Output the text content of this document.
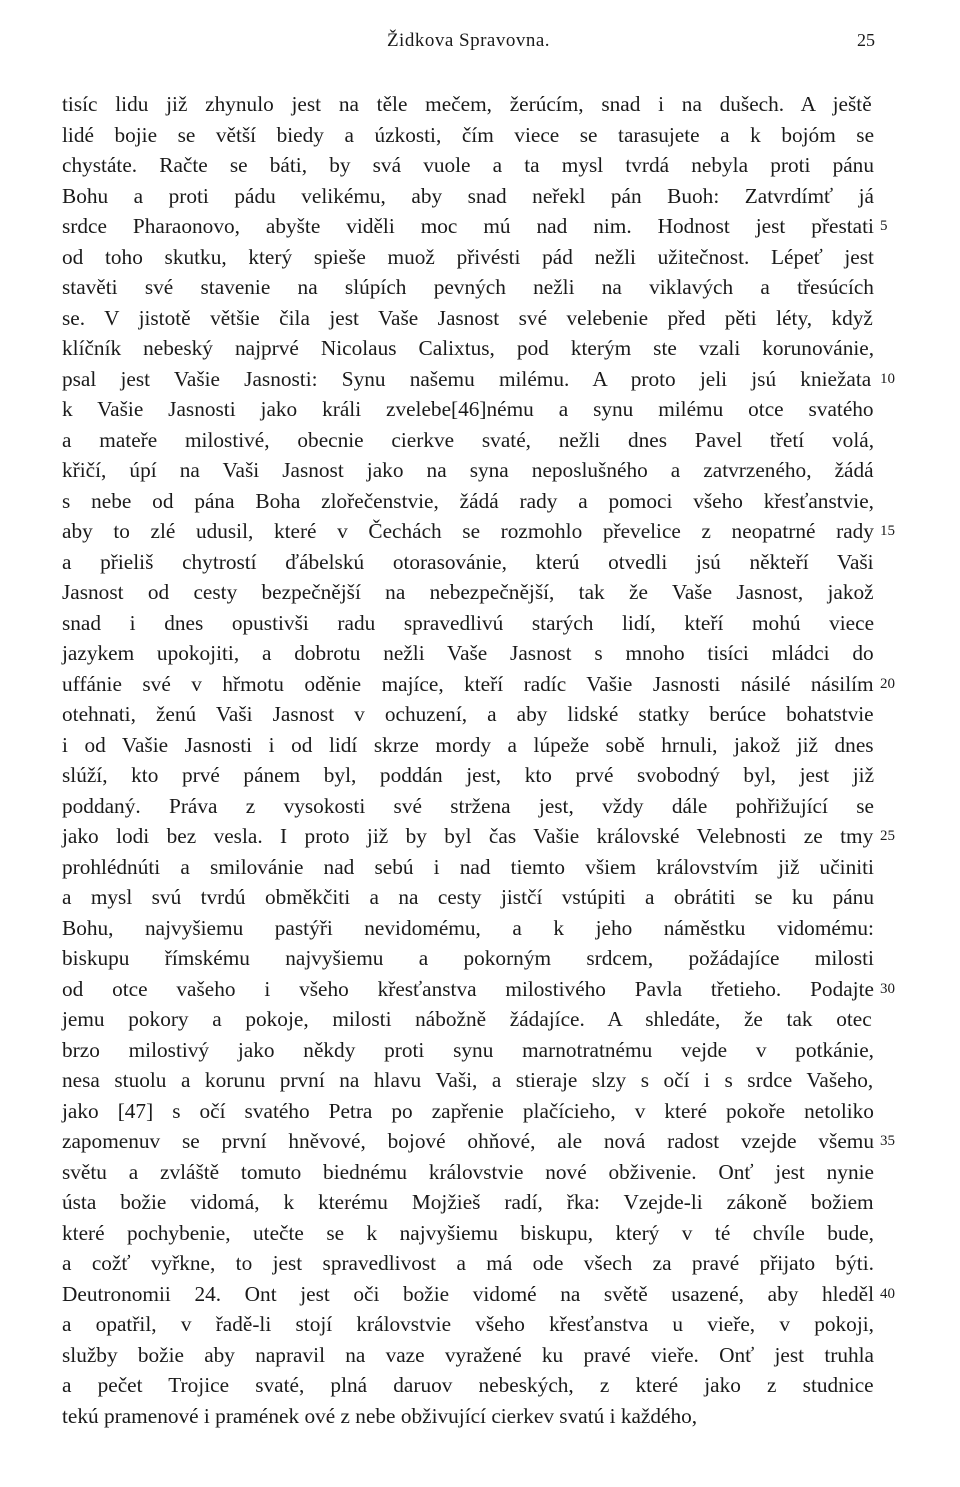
Židkova Spravovna.	25
tisíc lidu již zhynulo jest na těle mečem, žerúcím, snad i na dušech. A ještě
lidé bojie se větší biedy a úzkosti, čím viece se tarasujete a k bojóm se
chystáte. Račte se báti, by svá vuole a ta mysl tvrdá nebyla proti pánu
Bohu a proti pádu velikému, aby snad neřekl pán Buoh: Zatvrdímť já
srdce Pharaonovo, abyšte viděli moc mú nad nim. Hodnost jest přestati
od toho skutku, který spieše muož přivésti pád nežli užitečnost. Lépeť jest
stavěti své stavenie na slúpích pevných nežli na viklavých a třesúcích
se. V jistotě většie čila jest Vaše Jasnost své velebenie před pěti léty, když
klíčník nebeský najprvé Nicolaus Calixtus, pod kterým ste vzali korunovánie,
psal jest Vašie Jasnosti: Synu našemu milému. A proto jeli jsú kniežata
k Vašie Jasnosti jako králi zvelebe[46]nému a synu milému otce svatého
a mateře milostivé, obecnie cierkve svaté, nežli dnes Pavel třetí volá,
křičí, úpí na Vaši Jasnost jako na syna neposlušného a zatvrzeného, žádá
s nebe od pána Boha zlořečenstvie, žádá rady a pomoci všeho křesťanstvie,
aby to zlé udusil, které v Čechách se rozmohlo převelice z neopatrné rady
a přieliš chytrostí ďábelskú otorasovánie, kterú otvedli jsú někteří Vaši
Jasnost od cesty bezpečnější na nebezpečnější, tak že Vaše Jasnost, jakož
snad i dnes opustivši radu spravedlivú starých lidí, kteří mohú viece
jazykem upokojiti, a dobrotu nežli Vaše Jasnost s mnoho tisíci mládci do
uffánie své v hřmotu oděnie majíce, kteří radíc Vašie Jasnosti násilé násilím
otehnati, ženú Vaši Jasnost v ochuzení, a aby lidské statky berúce bohatstvie
i od Vašie Jasnosti i od lidí skrze mordy a lúpeže sobě hrnuli, jakož již dnes
slúží, kto prvé pánem byl, poddán jest, kto prvé svobodný byl, jest již
poddaný. Práva z vysokosti své stržena jest, vždy dále pohřižující se
jako lodi bez vesla. I proto již by byl čas Vašie královské Velebnosti ze tmy
prohlédnúti a smilovánie nad sebú i nad tiemto všiem královstvím již učiniti
a mysl svú tvrdú obměkčiti a na cesty jistčí vstúpiti a obrátiti se ku pánu
Bohu, najvyšiemu pastýři nevidomému, a k jeho náměstku vidomému:
biskupu římskému najvyšiemu a pokorným srdcem, požádajíce milosti
od otce vašeho i všeho křesťanstva milostivého Pavla třetieho. Podajte
jemu pokory a pokoje, milosti nábožně žádajíce. A shledáte, že tak otec
brzo milostivý jako někdy proti synu marnotratnému vejde v potkánie,
nesa stuolu a korunu první na hlavu Vaši, a stieraje slzy s očí i s srdce Vašeho,
jako [47] s očí svatého Petra po zapřenie plačícieho, v které pokoře netoliko
zapomenuv se první hněvové, bojové ohňové, ale nová radost vzejde všemu
světu a zvláště tomuto biednému královstvie nové obživenie. Onť jest nynie
ústa božie vidomá, k kterému Mojžieš radí, řka: Vzejde-li zákoně božiem
které pochybenie, utečte se k najvyšiemu biskupu, který v té chvíle bude,
a cožť vyřkne, to jest spravedlivost a má ode všech za pravé přijato býti.
Deutronomii 24. Ont jest oči božie vidomé na světě usazené, aby hleděl
a opatřil, v řadě-li stojí královstvie všeho křesťanstva u vieře, v pokoji,
služby božie aby napravil na vaze vyražené ku pravé vieře. Onť jest truhla
a pečet Trojice svaté, plná daruov nebeských, z které jako z studnice
tekú pramenové i pramének ové z nebe obživující cierkev svatú i každého,
5
10
15
20
25
30
35
40
